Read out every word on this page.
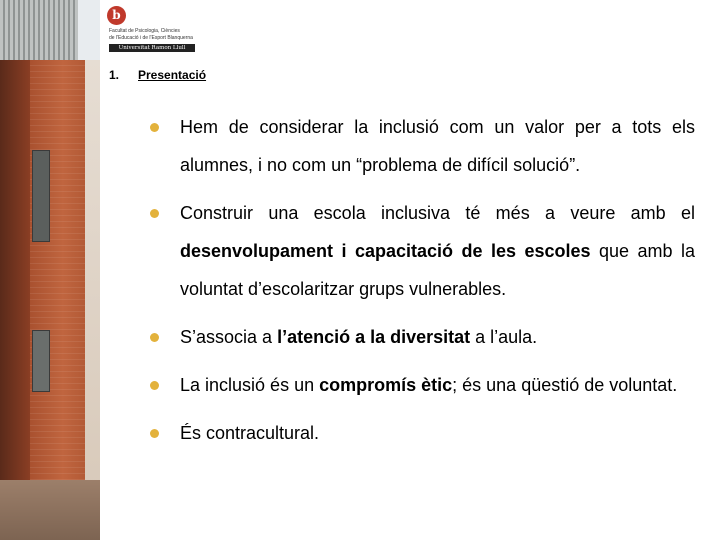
b
Facultat de Psicologia, Ciències
de l'Educació i de l'Esport Blanquerna
Universitat Ramon Llull
1. Presentació
Hem de considerar la inclusió com un valor per a tots els alumnes, i no com un “problema de difícil solució”.
Construir una escola inclusiva té més a veure amb el desenvolupament i capacitació de les escoles que amb la voluntat d’escolaritzar grups vulnerables.
S’associa a l’atenció a la diversitat a l’aula.
La inclusió és un compromís ètic; és una qüestió de voluntat.
És contracultural.
